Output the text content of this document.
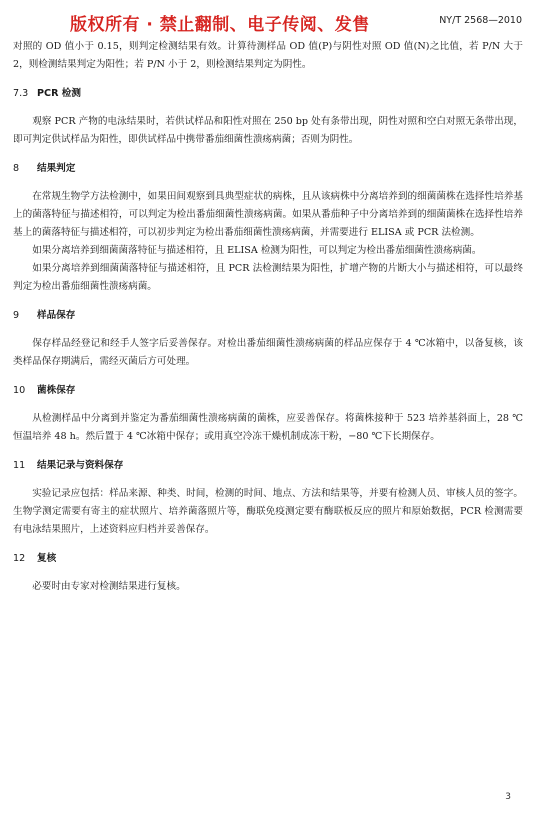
版权所有 · 禁止翻制、电子传阅、发售	NY/T 2568—2010

对照的 OD 值小于 0.15，则判定检测结果有效。计算待测样品 OD 值(P)与阴性对照 OD 值(N)之比值，若 P/N 大于 2，则检测结果判定为阳性；若 P/N 小于 2，则检测结果判定为阴性。

7.3 PCR 检测

观察 PCR 产物的电泳结果时，若供试样品和阳性对照在 250 bp 处有条带出现，阴性对照和空白对照无条带出现，即可判定供试样品为阳性，即供试样品中携带番茄细菌性溃疡病菌；否则为阴性。

8 结果判定

在常规生物学方法检测中，如果田间观察到具典型症状的病株，且从该病株中分离培养到的细菌菌株在选择性培养基上的菌落特征与描述相符，可以判定为检出番茄细菌性溃疡病菌。如果从番茄种子中分离培养到的细菌菌株在选择性培养基上的菌落特征与描述相符，可以初步判定为检出番茄细菌性溃疡病菌，并需要进行 ELISA 或 PCR 法检测。

如果分离培养到细菌菌落特征与描述相符，且 ELISA 检测为阳性，可以判定为检出番茄细菌性溃疡病菌。

如果分离培养到细菌菌落特征与描述相符，且 PCR 法检测结果为阳性，扩增产物的片断大小与描述相符，可以最终判定为检出番茄细菌性溃疡病菌。

9 样品保存

保存样品经登记和经手人签字后妥善保存。对检出番茄细菌性溃疡病菌的样品应保存于 4 ℃冰箱中，以备复核，该类样品保存期满后，需经灭菌后方可处理。

10 菌株保存

从检测样品中分离到并鉴定为番茄细菌性溃疡病菌的菌株，应妥善保存。将菌株接种于 523 培养基斜面上，28 ℃恒温培养 48 h。然后置于 4 ℃冰箱中保存；或用真空冷冻干燥机制成冻干粉，−80 ℃下长期保存。

11 结果记录与资料保存

实验记录应包括：样品来源、种类、时间，检测的时间、地点、方法和结果等，并要有检测人员、审核人员的签字。生物学测定需要有寄主的症状照片、培养菌落照片等，酶联免疫测定要有酶联板反应的照片和原始数据，PCR 检测需要有电泳结果照片，上述资料应归档并妥善保存。

12 复核

必要时由专家对检测结果进行复核。

3
